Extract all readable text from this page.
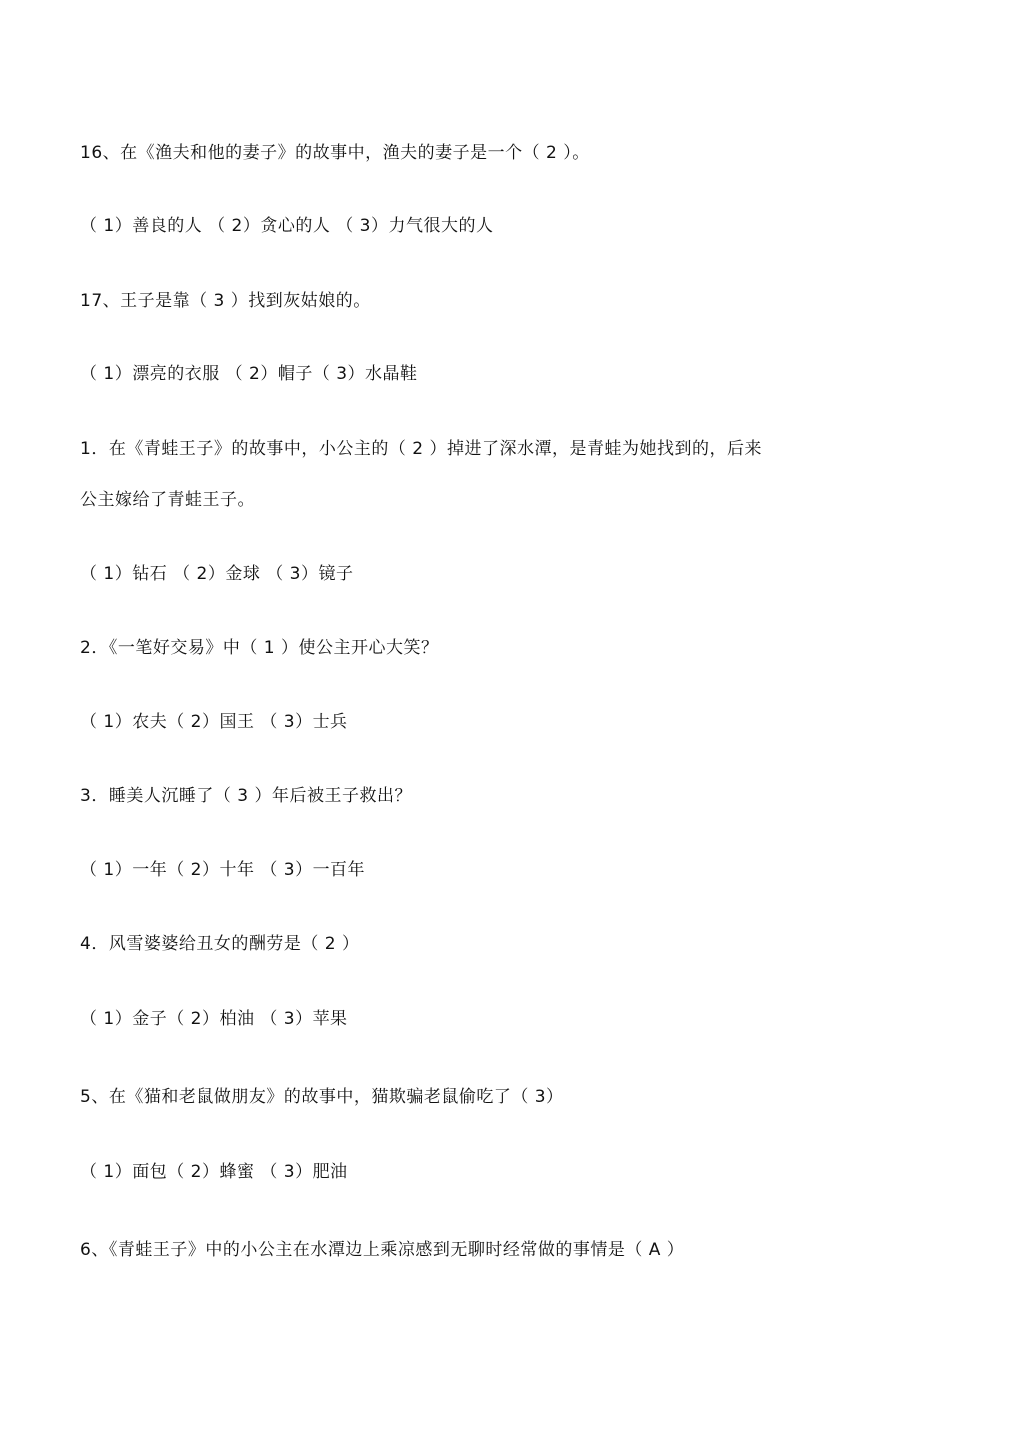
16、在《渔夫和他的妻子》的故事中，渔夫的妻子是一个（ 2 ）。
（ 1）善良的人 （ 2）贪心的人 （ 3）力气很大的人
17、王子是靠（ 3 ）找到灰姑娘的。
（ 1）漂亮的衣服 （ 2）帽子（ 3）水晶鞋
1．在《青蛙王子》的故事中，小公主的（ 2 ）掉进了深水潭，是青蛙为她找到的，后来
公主嫁给了青蛙王子。
（ 1）钻石 （ 2）金球 （ 3）镜子
2．《一笔好交易》中（ 1 ）使公主开心大笑？
（ 1）农夫（ 2）国王 （ 3）士兵
3．睡美人沉睡了（ 3 ）年后被王子救出？
（ 1）一年（ 2）十年 （ 3）一百年
4．风雪婆婆给丑女的酬劳是（ 2 ）
（ 1）金子（ 2）柏油 （ 3）苹果
5、在《猫和老鼠做朋友》的故事中，猫欺骗老鼠偷吃了（ 3）
（ 1）面包（ 2）蜂蜜 （ 3）肥油
6、《青蛙王子》中的小公主在水潭边上乘凉感到无聊时经常做的事情是（ A ）
